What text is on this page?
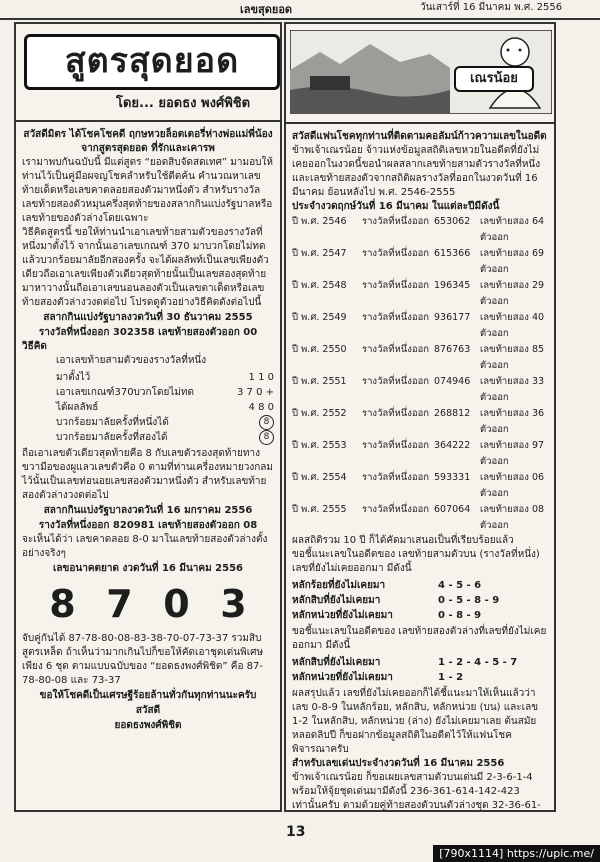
เลขสุดยอด	วันเสาร์ที่ 16 มีนาคม พ.ศ. 2556
สูตรสุดยอด
โดย... ยอดธง พงศ์พิชิต

สวัสดีมิตร ได้โชคโชคดี ฤกษหวยล็อตเตอรี่ห่างพ่อแม่พี่น้อง จากสูตรสุดยอด ที่รักและเคารพ

เรามาพบกันฉบับนี้ มีแต่สูตร “ยอดสิบจัดสดเทศ” มามอบให้ท่านไว้เป็นคู่มือผจญโชคลำหรับใช้ดีดค้น คำนวณหาเลขท้ายเด็ดหรือเลขคาดลอยสองตัวมาหนึ่งตัว สำหรับรางวัลเลขท้ายสองตัวหมุนครึ่งสุดท้ายของสลากกินแบ่งรัฐบาลหรือเลขท้ายของตัวล่างโดยเฉพาะ

วิธีคิดสูตรนี้ ขอให้ท่านนำเอาเลขท้ายสามตัวของรางวัลที่หนึ่งมาตั้งไว้ จากนั้นเอาเลขเกณฑ์ 370 มาบวกโดยไม่ทด แล้วบวกร้อยมาลัยอีกสองครั้ง จะได้ผลลัพท์เป็นเลขเพียงตัวเดียวถือเอาเลขเพียงตัวเดียวสุดท้ายนั้นเป็นเลขสองสุดท้ายมาหาวางนั้นถือเอาเลขนอนลองตัวเป็นเลขตาเด็ดหรือเลขท้ายสองตัวล่างวงดต่อไป โปรดดูตัวอย่างวิธีคิดดังต่อไปนี้

สลากกินแบ่งรัฐบาลงวดวันที่ 30 ธันวาคม 2555
รางวัลที่หนึ่งออก 302358 เลขท้ายสองตัวออก 00
วิธีคิด
เอาเลขท้ายสามตัวของรางวัลที่หนึ่ง
มาตั้งไว้	1 1 0
เอาเลขเกณฑ์370บวกโดยไม่ทด	3 7 0 +
ได้ผลลัพธ์	4 8 0
บวกร้อยมาลัยครั้งที่หนึ่งได้	8
บวกร้อยมาลัยครั้งที่สองได้	8

ถือเอาเลขตัวเดียวสุดท้ายคือ 8 กับเลขตัวรองสุดท้ายทางขวามือของผูแลวเลขตัวคือ 0 ตามที่ท่านเครื่องหมายวงกลมไว้นั้นเป็นเลขท่อนอยเลขสองตัวมาหนึ่งตัว สำหรับเลขท้ายสองตัวล่างวงดต่อไป

สลากกินแบ่งรัฐบาลงวดวันที่ 16 มกราคม 2556
รางวัลที่หนึ่งออก 820981 เลขท้ายสองตัวออก 08

จะเห็นได้ว่า เลขคาดลอย 8-0 มาในเลขท้ายสองตัวล่างตั้งอย่างจริงๆ

เลขอนาคตยาด งวดวันที่ 16 มีนาคม 2556
8 7 0 3

จับคู่กันได้ 87-78-80-08-83-38-70-07-73-37 รวมสิบสูตรเหล็ด ถ้าเห็นว่ามากเกินไปก็ขอให้คัดเอาชุดเด่นพิเศษเพียง 6 ชุด ตามแบบฉบับของ “ยอดธงพงศ์พิชิต” คือ 87-78-80-08 และ 73-37

ขอให้โชคดีเป็นเศรษฐีร้อยล้านทั่วกันทุกท่านนะครับ
สวัสดี
ยอดธงพงศ์พิชิต
เณรน้อย

สวัสดีแฟนโชคทุกท่านที่ติดตามคอลัมน์ก้าวความเลขในอดีต

ข้าพเจ้าเณรน้อย จ้าวแห่งข้อมูลสถิติเลขหวยในอดีตที่ยังไม่เคยออกในงวดนี้ขอนำผลสลากเลขท้ายสามตัวรางวัลที่หนึ่งและเลขท้ายสองตัวจากสถิติผลรางวัลที่ออกในงวดวันที่ 16 มีนาคม ย้อนหลังไป พ.ศ. 2546-2555

ประจำงวดฤกษ์วันที่ 16 มีนาคม ในแต่ละปีมีดังนี้
ปี พ.ศ. 2546	รางวัลที่หนึ่งออก 653062	เลขท้ายสองตัวออก
64
ปี พ.ศ. 2547	รางวัลที่หนึ่งออก 615366	เลขท้ายสองตัวออก
69
ปี พ.ศ. 2548	รางวัลที่หนึ่งออก 196345	เลขท้ายสองตัวออก
29
ปี พ.ศ. 2549	รางวัลที่หนึ่งออก 936177	เลขท้ายสองตัวออก
40
ปี พ.ศ. 2550	รางวัลที่หนึ่งออก 876763	เลขท้ายสองตัวออก
85
ปี พ.ศ. 2551	รางวัลที่หนึ่งออก 074946	เลขท้ายสองตัวออก
33
ปี พ.ศ. 2552	รางวัลที่หนึ่งออก 268812	เลขท้ายสองตัวออก
36
ปี พ.ศ. 2553	รางวัลที่หนึ่งออก 364222	เลขท้ายสองตัวออก
97
ปี พ.ศ. 2554	รางวัลที่หนึ่งออก 593331	เลขท้ายสองตัวออก
06
ปี พ.ศ. 2555	รางวัลที่หนึ่งออก 607064	เลขท้ายสองตัวออก
08

ผลสถิติรวม 10 ปี ก็ได้คัดมาเสนอเป็นที่เรียบร้อยแล้ว

ขอชี้แนะเลขในอดีตของ เลขท้ายสามตัวบน (รางวัลที่หนึ่ง) เลขที่ยังไม่เคยออกมา มีดังนี้

หลักร้อยที่ยังไม่เคยมา	4 - 5 - 6
หลักสิบที่ยังไม่เคยมา	0 - 5 - 8 - 9
หลักหน่วยที่ยังไม่เคยมา	0 - 8 - 9

ขอชี้แนะเลขในอดีตของ เลขท้ายสองตัวล่างที่เลขที่ยังไม่เคยออกมา มีดังนี้

หลักสิบที่ยังไม่เคยมา	1 - 2 - 4 - 5 - 7
หลักหน่วยที่ยังไม่เคยมา	1 - 2

ผลสรุปแล้ว เลขที่ยังไม่เคยออกก็ได้ชี้แนะมาให้เห็นแล้วว่าเลข 0-8-9 ในหลักร้อย, หลักสิบ, หลักหน่วย (บน) และเลข 1-2 ในหลักสิบ, หลักหน่วย (ล่าง) ยังไม่เคยมาเลย ต้นสมัยหลอดลิบปี ก็ขอฝากข้อมูลสถิติในอดีตไว้ให้แฟนโชคพิจารณาครับ

สำหรับเลขเด่นประจำงวดวันที่ 16 มีนาคม 2556

ข้าพเจ้าเณรน้อย ก็ขอเผยเลขสามตัวบนเด่นมี 2-3-6-1-4 พร้อมให้จุ้ยชุดเด่นมามีดังนี้ 236-361-614-142-423 เท่านั้นครับ ตามด้วยคู่ท้ายสองตัวบนตัวล่างชุด 32-36-61-

13
[790x1114] https://upic.me/
